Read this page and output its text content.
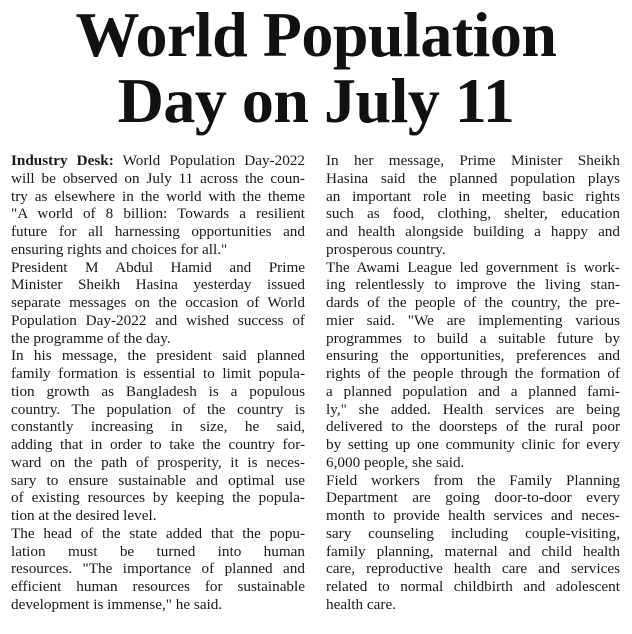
World Population
Day on July 11
Industry Desk: World Population Day-2022
will be observed on July 11 across the coun-
try as elsewhere in the world with the theme
"A world of 8 billion: Towards a resilient
future for all harnessing opportunities and
ensuring rights and choices for all."
President M Abdul Hamid and Prime
Minister Sheikh Hasina yesterday issued
separate messages on the occasion of World
Population Day-2022 and wished success of
the programme of the day.
In his message, the president said planned
family formation is essential to limit popula-
tion growth as Bangladesh is a populous
country. The population of the country is
constantly increasing in size, he said,
adding that in order to take the country for-
ward on the path of prosperity, it is neces-
sary to ensure sustainable and optimal use
of existing resources by keeping the popula-
tion at the desired level.
The head of the state added that the popu-
lation must be turned into human
resources. "The importance of planned and
efficient human resources for sustainable
development is immense," he said.
In her message, Prime Minister Sheikh
Hasina said the planned population plays
an important role in meeting basic rights
such as food, clothing, shelter, education
and health alongside building a happy and
prosperous country.
The Awami League led government is work-
ing relentlessly to improve the living stan-
dards of the people of the country, the pre-
mier said. "We are implementing various
programmes to build a suitable future by
ensuring the opportunities, preferences and
rights of the people through the formation of
a planned population and a planned fami-
ly," she added. Health services are being
delivered to the doorsteps of the rural poor
by setting up one community clinic for every
6,000 people, she said.
Field workers from the Family Planning
Department are going door-to-door every
month to provide health services and neces-
sary counseling including couple-visiting,
family planning, maternal and child health
care, reproductive health care and services
related to normal childbirth and adolescent
health care.
